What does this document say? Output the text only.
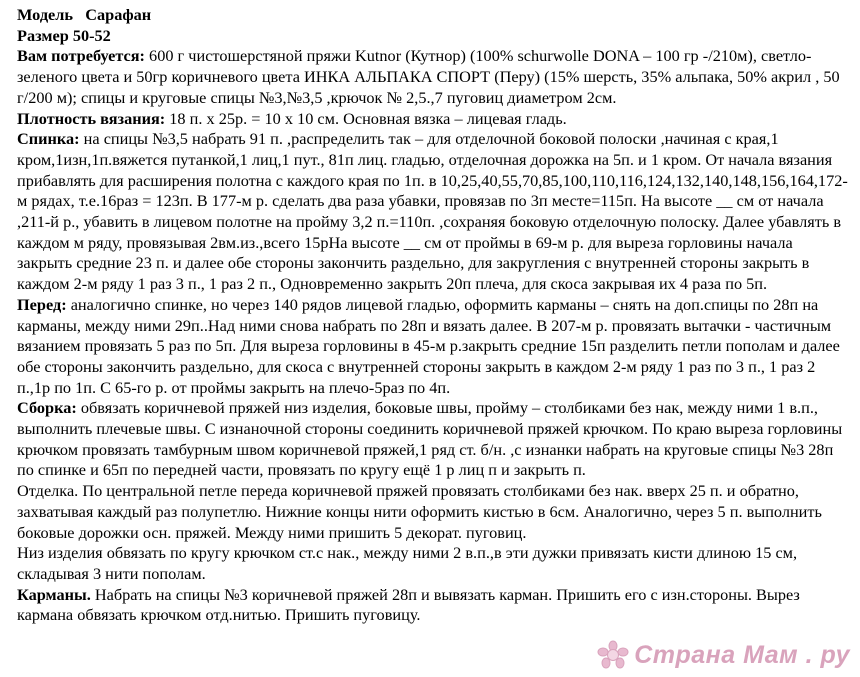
Модель Сарафан

Размер 50-52

Вам потребуется: 600 г чистошерстяной пряжи Kutnor (Кутнор) (100% schurwolle DONA – 100 гр -/210м), светло-зеленого цвета и 50гр коричневого цвета ИНКА АЛЬПАКА СПОРТ (Перу) (15% шерсть, 35% альпака, 50% акрил , 50 г/200 м); спицы и круговые спицы №3,№3,5 ,крючок № 2,5.,7 пуговиц диаметром 2см.

Плотность вязания: 18 п. х 25р. = 10 х 10 см. Основная вязка – лицевая гладь.

Спинка: на спицы №3,5 набрать 91 п. ,распределить так – для отделочной боковой полоски ,начиная с края,1 кром,1изн,1п.вяжется путанкой,1 лиц,1 пут., 81п лиц. гладью, отделочная дорожка на 5п. и 1 кром. От начала вязания прибавлять для расширения полотна с каждого края по 1п. в 10,25,40,55,70,85,100,110,116,124,132,140,148,156,164,172-м рядах, т.е.16раз = 123п. В 177-м р. сделать два раза убавки, провязав по 3п месте=115п. На высоте __ см от начала ,211-й р., убавить в лицевом полотне на пройму 3,2 п.=110п. ,сохраняя боковую отделочную полоску. Далее убавлять в каждом м ряду, провязывая 2вм.из.,всего 15рНа высоте __ см от проймы в 69-м р. для выреза горловины начала закрыть средние 23 п. и далее обе стороны закончить раздельно, для закругления с внутренней стороны закрыть в каждом 2-м ряду 1 раз 3 п., 1 раз 2 п., Одновременно закрыть 20п плеча, для скоса закрывая их 4 раза по 5п.

Перед: аналогично спинке, но через 140 рядов лицевой гладью, оформить карманы – снять на доп.спицы по 28п на карманы, между ними 29п..Над ними снова набрать по 28п и вязать далее. В 207-м р. провязать вытачки - частичным вязанием провязать 5 раз по 5п. Для выреза горловины в 45-м р.закрыть средние 15п разделить петли пополам и далее обе стороны закончить раздельно, для скоса с внутренней стороны закрыть в каждом 2-м ряду 1 раз по 3 п., 1 раз 2 п.,1р по 1п. С 65-го р. от проймы закрыть на плечо-5раз по 4п.

Сборка: обвязать коричневой пряжей низ изделия, боковые швы, пройму – столбиками без нак, между ними 1 в.п., выполнить плечевые швы. С изнаночной стороны соединить коричневой пряжей крючком. По краю выреза горловины крючком провязать тамбурным швом коричневой пряжей,1 ряд ст. б/н. ,с изнанки набрать на круговые спицы №3 28п по спинке и 65п по передней части, провязать по кругу ещё 1 р лиц п и закрыть п.

Отделка. По центральной петле переда коричневой пряжей провязать столбиками без нак. вверх 25 п. и обратно, захватывая каждый раз полупетлю. Нижние концы нити оформить кистью в 6см. Аналогично, через 5 п. выполнить боковые дорожки осн. пряжей. Между ними пришить 5 декорат. пуговиц.

Низ изделия обвязать по кругу крючком ст.с нак., между ними 2 в.п.,в эти дужки привязать кисти длиною 15 см, складывая 3 нити пополам.

Карманы. Набрать на спицы №3 коричневой пряжей 28п и вывязать карман. Пришить его с изн.стороны. Вырез кармана обвязать крючком отд.нитью. Пришить пуговицу.

Страна Мам . ру
